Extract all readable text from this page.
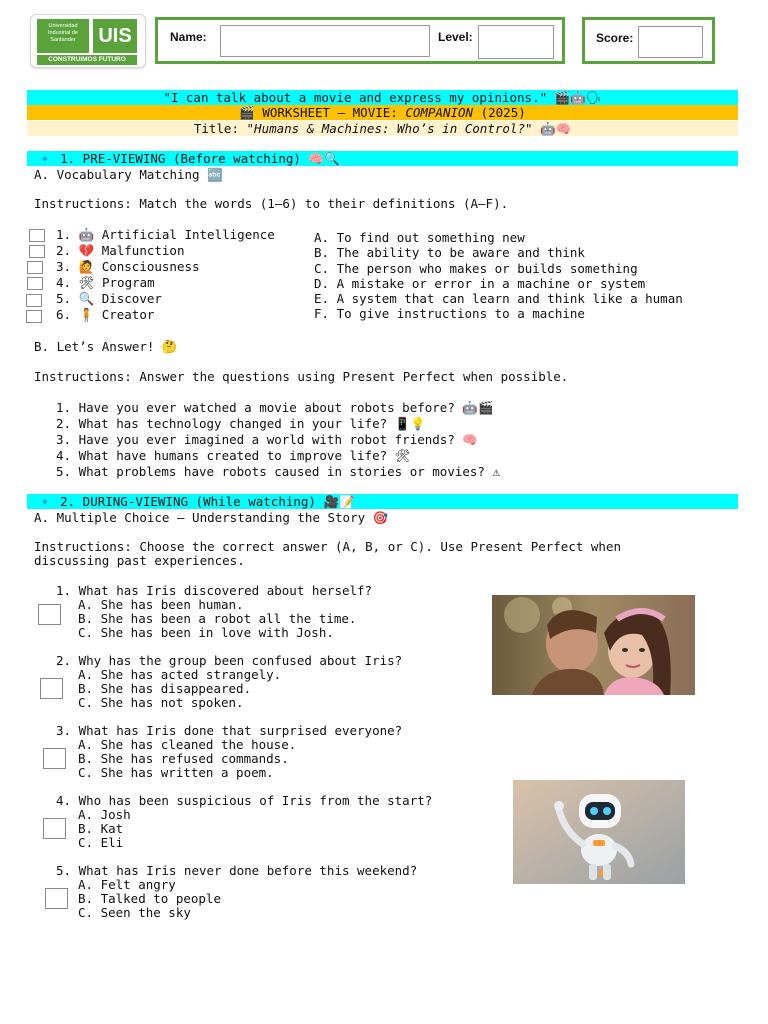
Universidad Industrial de Santander	UIS
CONSTRUIMOS FUTURO
Name:	Level:	Score:
"I can talk about a movie and express my opinions." 🎬🤖🗣
🎬 WORKSHEET – MOVIE: COMPANION (2025)
Title: "Humans & Machines: Who’s in Control?" 🤖🧠
🔹 1. PRE-VIEWING (Before watching) 🧠🔍
A. Vocabulary Matching 🔤
Instructions: Match the words (1–6) to their definitions (A–F).
1. 🤖 Artificial Intelligence
2. 💔 Malfunction
3. 🙋 Consciousness
4. 🛠 Program
5. 🔍 Discover
6. 🧍 Creator
A. To find out something new
B. The ability to be aware and think
C. The person who makes or builds something
D. A mistake or error in a machine or system
E. A system that can learn and think like a human
F. To give instructions to a machine
B. Let’s Answer! 🤔
Instructions: Answer the questions using Present Perfect when possible.
1. Have you ever watched a movie about robots before? 🤖🎬
2. What has technology changed in your life? 📱💡
3. Have you ever imagined a world with robot friends? 🧠
4. What have humans created to improve life? 🛠
5. What problems have robots caused in stories or movies? ⚠
🔹 2. DURING-VIEWING (While watching) 🎥📝
A. Multiple Choice – Understanding the Story 🎯
Instructions: Choose the correct answer (A, B, or C). Use Present Perfect when
discussing past experiences.
1. What has Iris discovered about herself?
A. She has been human.
B. She has been a robot all the time.
C. She has been in love with Josh.
2. Why has the group been confused about Iris?
A. She has acted strangely.
B. She has disappeared.
C. She has not spoken.
3. What has Iris done that surprised everyone?
A. She has cleaned the house.
B. She has refused commands.
C. She has written a poem.
4. Who has been suspicious of Iris from the start?
A. Josh
B. Kat
C. Eli
5. What has Iris never done before this weekend?
A. Felt angry
B. Talked to people
C. Seen the sky
